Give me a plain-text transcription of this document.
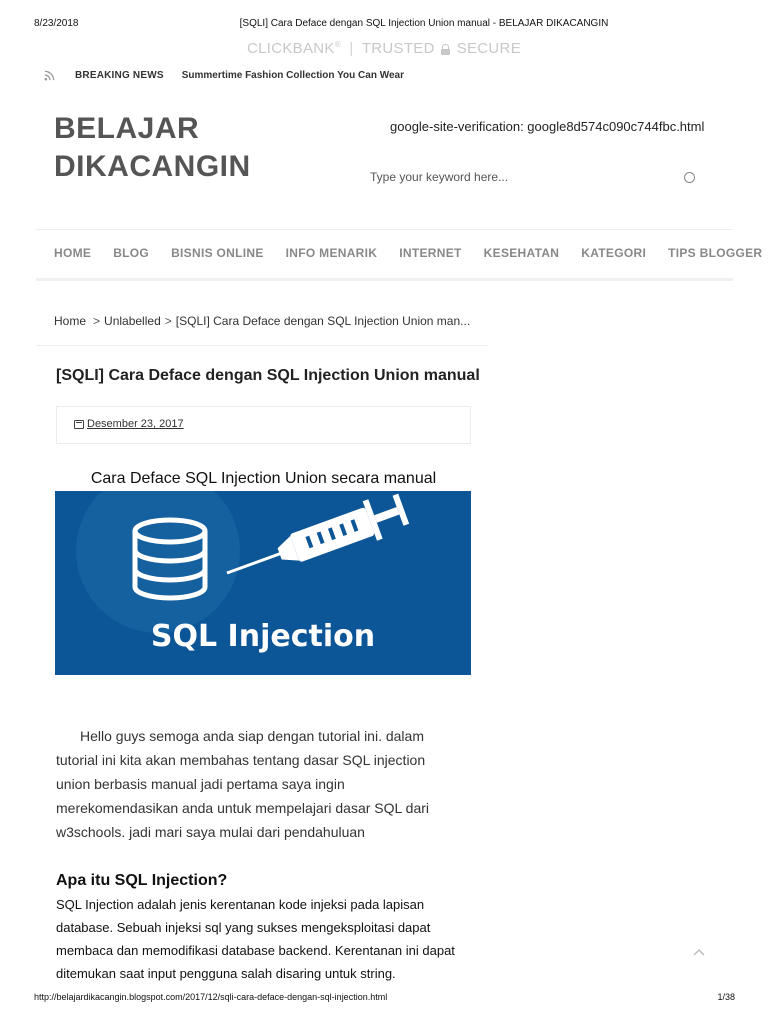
8/23/2018	[SQLI] Cara Deface dengan SQL Injection Union manual - BELAJAR DIKACANGIN
CLICKBANK® | TRUSTED SECURE
BREAKING NEWS Summertime Fashion Collection You Can Wear
BELAJAR
DIKACANGIN
google-site-verification: google8d574c090c744fbc.html
Type your keyword here...
HOME BLOG BISNIS ONLINE INFO MENARIK INTERNET KESEHATAN KATEGORI TIPS BLOGGER
Home > Unlabelled > [SQLI] Cara Deface dengan SQL Injection Union man...
[SQLI] Cara Deface dengan SQL Injection Union manual
Desember 23, 2017
Cara Deface SQL Injection Union secara manual
SQL Injection

Hello guys semoga anda siap dengan tutorial ini. dalam tutorial ini kita akan membahas tentang dasar SQL injection union berbasis manual jadi pertama saya ingin merekomendasikan anda untuk mempelajari dasar SQL dari w3schools. jadi mari saya mulai dari pendahuluan

Apa itu SQL Injection?
SQL Injection adalah jenis kerentanan kode injeksi pada lapisan database. Sebuah injeksi sql yang sukses mengeksploitasi dapat membaca dan memodifikasi database backend. Kerentanan ini dapat ditemukan saat input pengguna salah disaring untuk string.
http://belajardikacangin.blogspot.com/2017/12/sqli-cara-deface-dengan-sql-injection.html	1/38
